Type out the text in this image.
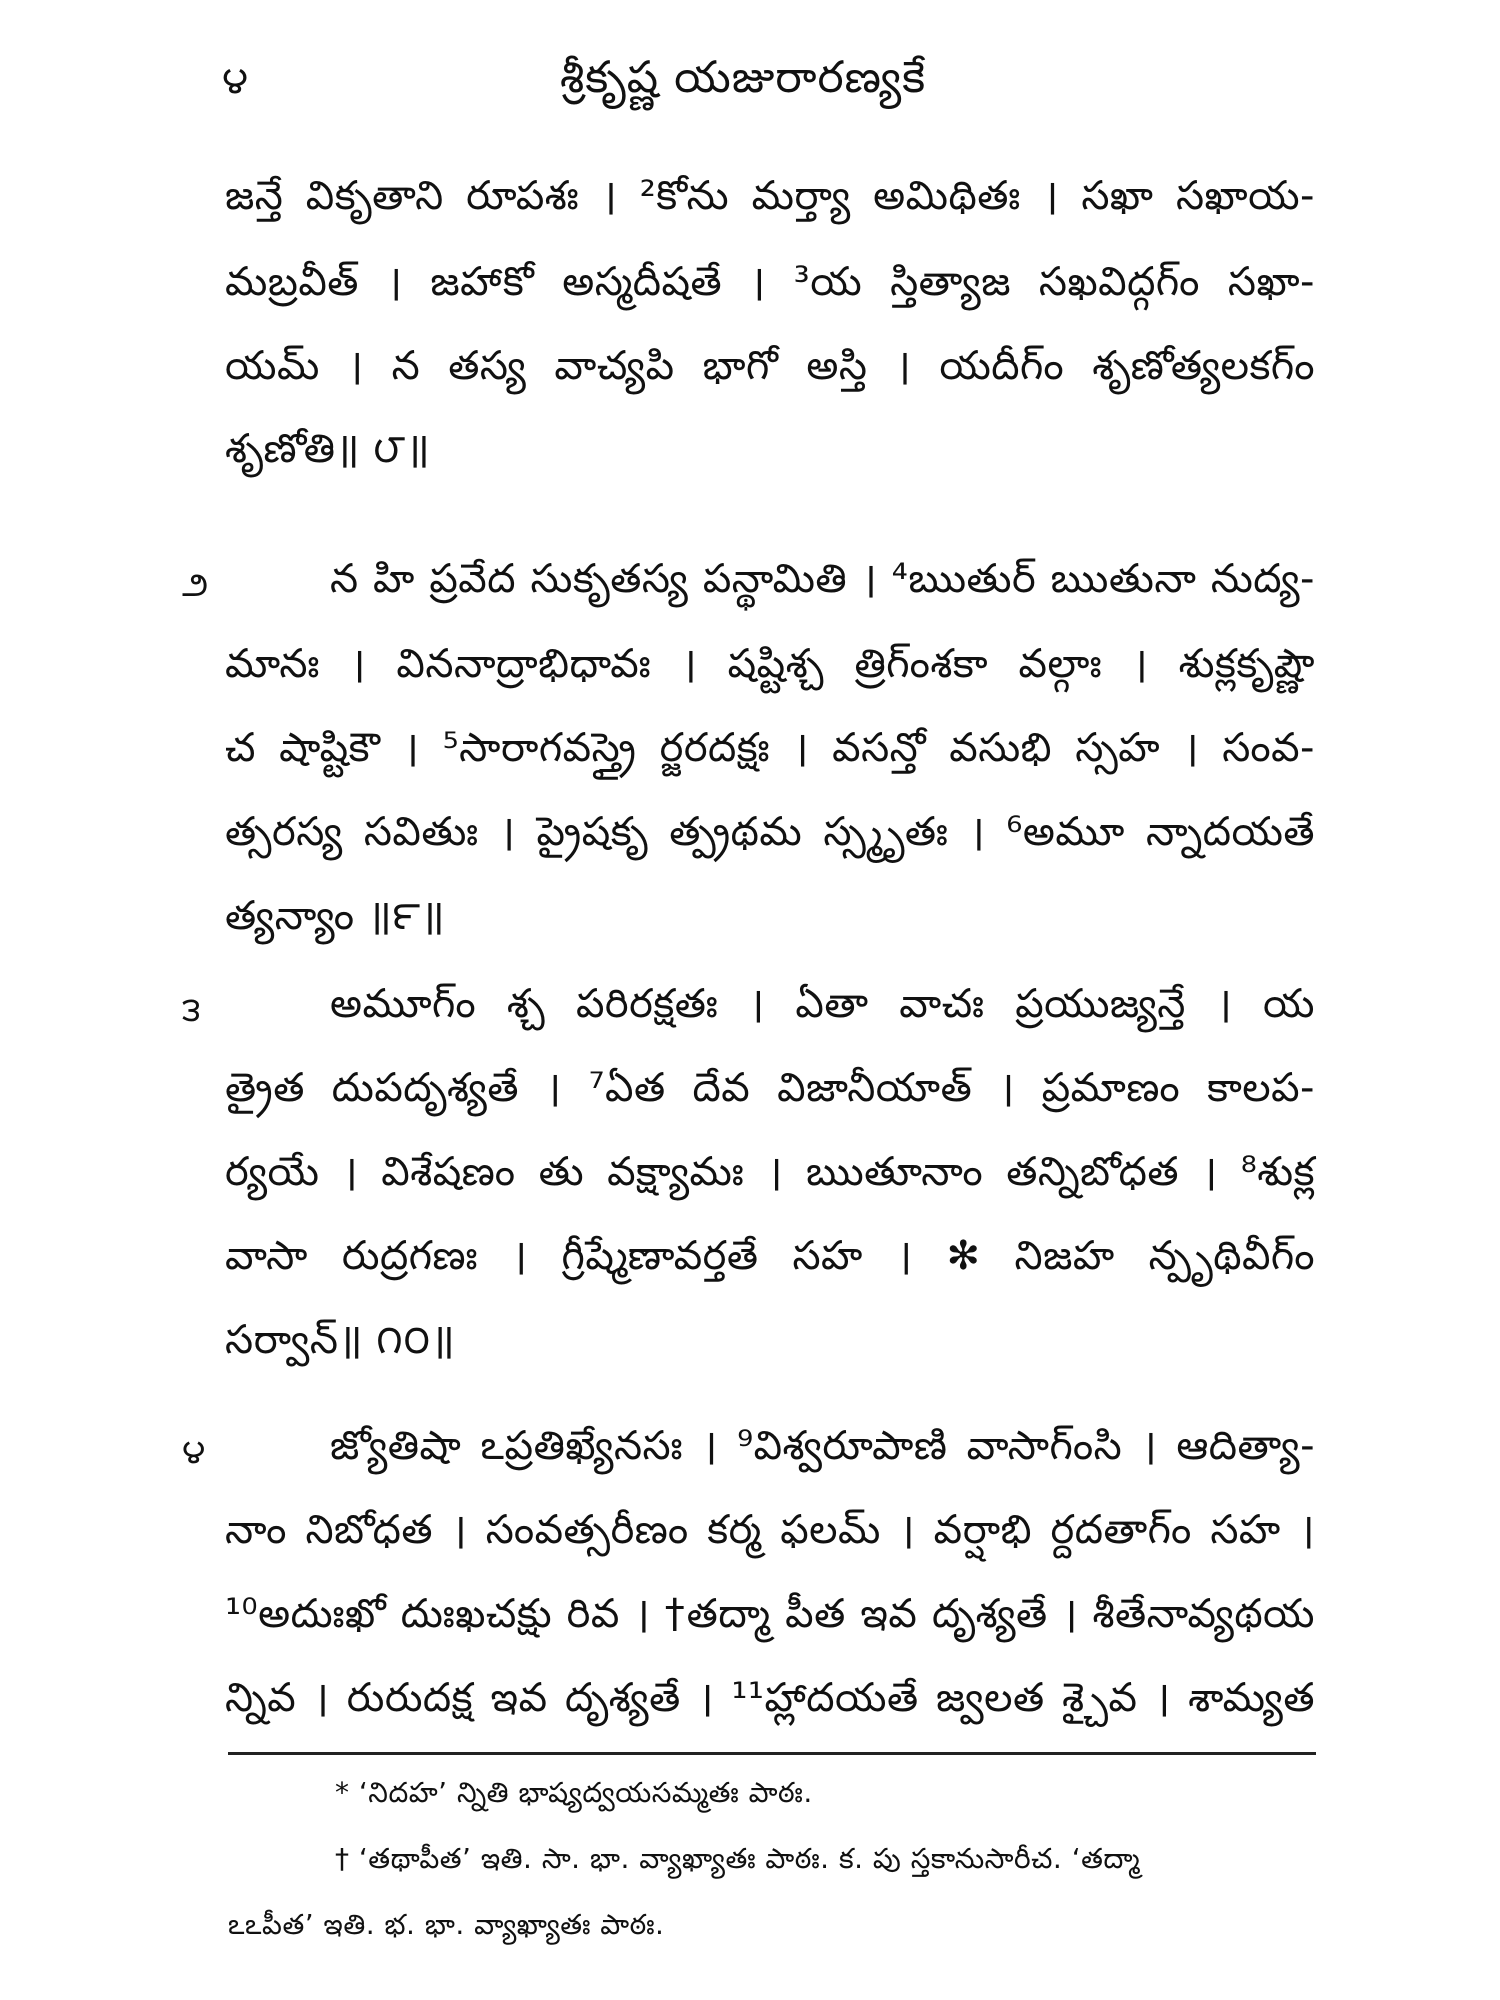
౪	శ్రీకృష్ణ యజురారణ్యకే
జన్తే వికృతాని రూపశః । ²కోను మర్త్యా అమిథితః । సఖా సఖాయ-
మబ్రవీత్ । జహాకో అస్మదీషతే । ³య స్తిత్యాజ సఖవిద్గగ్‍ం సఖా-
యమ్ । న తస్య వాచ్యపి భాగో అస్తి । యదీగ్‍ం శృణోత్యలకగ్‍ం
శృణోతి॥ ౮॥
౨	న హి ప్రవేద సుకృతస్య పన్థామితి । ⁴ఋతుర్ ఋతునా నుద్య-
మానః । విననాద్రాభిధావః । షష్టిశ్చ త్రిగ్‍ంశకా వల్గాః । శుక్లకృష్ణౌ
చ షాష్టికౌ । ⁵సారాగవస్త్రై ర్జరదక్షః । వసన్తో వసుభి స్సహ । సంవ-
త్సరస్య సవితుః । ప్రైషకృ త్ప్రథమ స్స్మృతః । ⁶అమూ న్నాదయతే
త్యన్యాం ॥౯॥
౩	అమూగ్‍ం శ్చ పరిరక్షతః । ఏతా వాచః ప్రయుజ్యన్తే । య
త్రైత దుపదృశ్యతే । ⁷ఏత దేవ విజానీయాత్ । ప్రమాణం కాలప-
ర్యయే । విశేషణం తు వక్ష్యామః । ఋతూనాం తన్నిబోధత । ⁸శుక్ల
వాసా రుద్రగణః । గ్రీష్మేణావర్తతే సహ । ✻ నిజహ న్పృథివీగ్‍ం
సర్వాన్॥ ౧౦॥
౪	జ్యోతిషా ఽప్రతిఖ్యేనసః । ⁹విశ్వరూపాణి వాసాగ్‍ంసి । ఆదిత్యా-
నాం నిబోధత । సంవత్సరీణం కర్మ ఫలమ్ । వర్షాభి ర్దదతాగ్‍ం సహ ।
¹⁰అదుఃఖో దుఃఖచక్షు రివ । †తద్మా పీత ఇవ దృశ్యతే । శీతేనావ్యథయ
న్నివ । రురుదక్ష ఇవ దృశ్యతే । ¹¹హ్లాదయతే జ్వలత శ్చైవ । శామ్యత
* ‘నిదహ’ న్నితి భాష్యద్వయసమ్మతః పాఠః.
† ‘తథాపీత’ ఇతి. సా. భా. వ్యాఖ్యాతః పాఠః. క. పు స్తకానుసారీచ. ‘తద్మా
ఽఽపీత’ ఇతి. భ. భా. వ్యాఖ్యాతః పాఠః.
